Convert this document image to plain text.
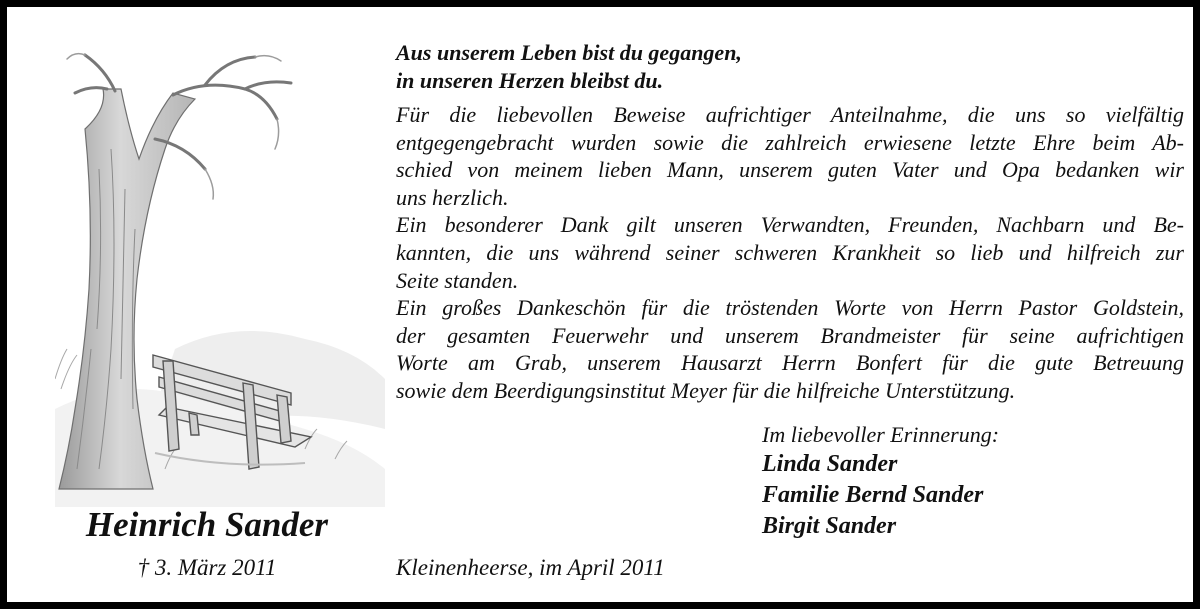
Heinrich Sander
† 3. März 2011
Aus unserem Leben bist du gegangen,
in unseren Herzen bleibst du.
Für die liebevollen Beweise aufrichtiger Anteilnahme, die uns so vielfältig
entgegengebracht wurden sowie die zahlreich erwiesene letzte Ehre beim Ab-
schied von meinem lieben Mann, unserem guten Vater und Opa bedanken wir
uns herzlich.
Ein besonderer Dank gilt unseren Verwandten, Freunden, Nachbarn und Be-
kannten, die uns während seiner schweren Krankheit so lieb und hilfreich zur
Seite standen.
Ein großes Dankeschön für die tröstenden Worte von Herrn Pastor Goldstein,
der gesamten Feuerwehr und unserem Brandmeister für seine aufrichtigen
Worte am Grab, unserem Hausarzt Herrn Bonfert für die gute Betreuung
sowie dem Beerdigungsinstitut Meyer für die hilfreiche Unterstützung.
Im liebevoller Erinnerung:
Linda Sander
Familie Bernd Sander
Birgit Sander
Kleinenheerse, im April 2011
